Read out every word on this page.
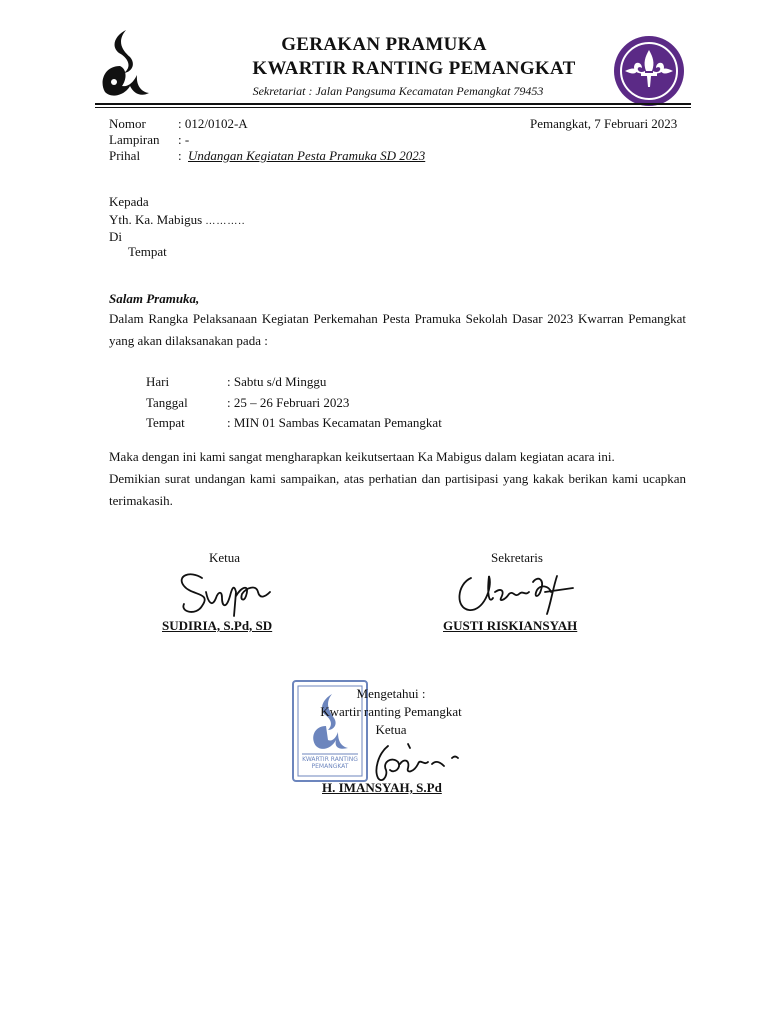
GERAKAN PRAMUKA
KWARTIR RANTING PEMANGKAT
Sekretariat : Jalan Pangsuma Kecamatan Pemangkat 79453
Nomor : 012/0102-A	Pemangkat, 7 Februari 2023
Lampiran : -
Prihal	: Undangan Kegiatan Pesta Pramuka SD 2023
Kepada
Yth. Ka. Mabigus ………..
Di
Tempat
Salam Pramuka,
Dalam Rangka Pelaksanaan Kegiatan Perkemahan Pesta Pramuka Sekolah Dasar 2023 Kwarran Pemangkat yang akan dilaksanakan pada :
Hari	: Sabtu s/d Minggu
Tanggal	: 25 – 26 Februari 2023
Tempat	: MIN 01 Sambas Kecamatan Pemangkat
Maka dengan ini kami sangat mengharapkan keikutsertaan Ka Mabigus dalam kegiatan acara ini.
Demikian surat undangan kami sampaikan, atas perhatian dan partisipasi yang kakak berikan kami ucapkan terimakasih.
Ketua	Sekretaris
SUDIRIA, S.Pd, SD	GUSTI RISKIANSYAH
KWARTIR RANTING PEMANGKAT
Mengetahui :
Kwartir ranting Pemangkat
Ketua
H. IMANSYAH, S.Pd
